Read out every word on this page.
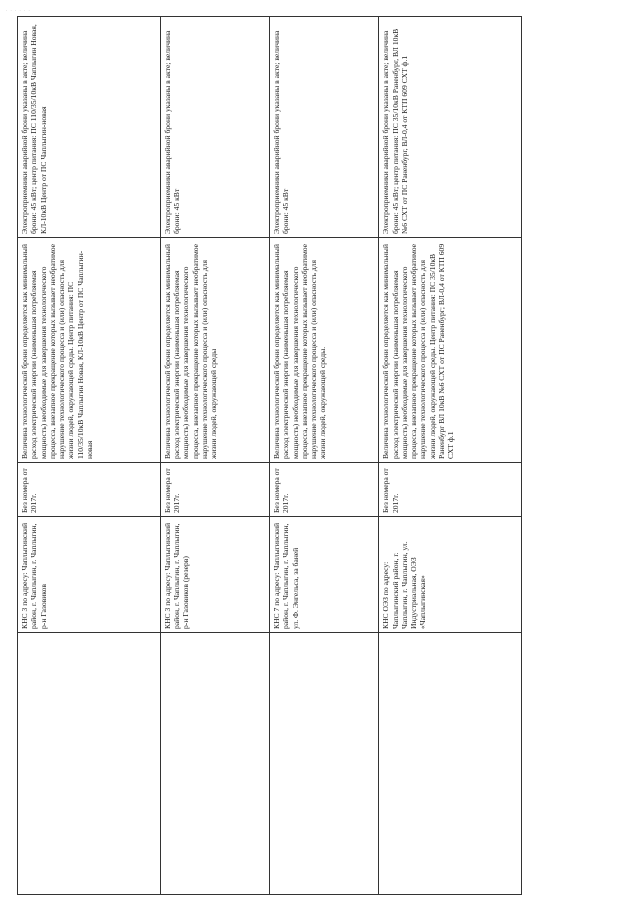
. . . . . .
	КНС 3 по адресу: Чаплыгинский район, г. Чаплыгин, г. Чаплыгин, р-н Газовиков	Без номера от 2017г.	Величина технологической брони определяется как минимальный расход электрической энергии (наименьшая потребляемая мощность) необходимые для завершения технологического процесса, внезапное прекращение которых вызывает необратимое нарушение технологического процесса и (или) опасность для жизни людей, окружающей среды. Центр питания: ПС 110/35/10кВ Чаплыгин Новая, КЛ-10кВ Центр от ПС Чаплыгин-новая	Электроприемники аварийной брони указаны в акте; величина брони: 45 кВт; центр питания: ПС 110/35/10кВ Чаплыгин Новая, КЛ-10кВ Центр от ПС Чаплыгин-новая

	КНС 3 по адресу: Чаплыгинский район, г. Чаплыгин, г. Чаплыгин, р-н Газовиков (резерв)	Без номера от 2017г.	Величина технологической брони определяется как минимальный расход электрической энергии (наименьшая потребляемая мощность) необходимые для завершения технологического процесса, внезапное прекращение которых вызывает необратимое нарушение технологического процесса и (или) опасность для жизни людей, окружающей среды	Электроприемники аварийной брони указаны в акте; величина брони: 45 кВт

	КНС 7 по адресу: Чаплыгинский район, г. Чаплыгин, г. Чаплыгин, ул. Ф. Энгельса, за баней	Без номера от 2017г.	Величина технологической брони определяется как минимальный расход электрической энергии (наименьшая потребляемая мощность) необходимые для завершения технологического процесса, внезапное прекращение которых вызывает необратимое нарушение технологического процесса и (или) опасность для жизни людей, окружающей среды.	Электроприемники аварийной брони указаны в акте; величина брони: 45 кВт

	КНС ОЭЗ по адресу: Чаплыгинский район, г. Чаплыгин, г. Чаплыгин, ул. Индустриальная, ОЭЗ «Чаплыгинская»	Без номера от 2017г.	Величина технологической брони определяется как минимальный расход электрической энергии (наименьшая потребляемая мощность) необходимые для завершения технологического процесса, внезапное прекращение которых вызывает необратимое нарушение технологического процесса и (или) опасность для жизни людей, окружающей среды. Центр питания: ПС 35/10кВ Раненбург ВЛ 10кВ №6 СХТ от ПС Раненбург; ВЛ-0,4 от КТП 609 СХТ ф.1	Электроприемники аварийной брони указаны в акте; величина брони: 45 кВт; центр питания: ПС 35/10кВ Раненбург, ВЛ 10кВ №6 СХТ от ПС Раненбург, ВЛ-0,4 от КТП 609 СХТ ф.1
